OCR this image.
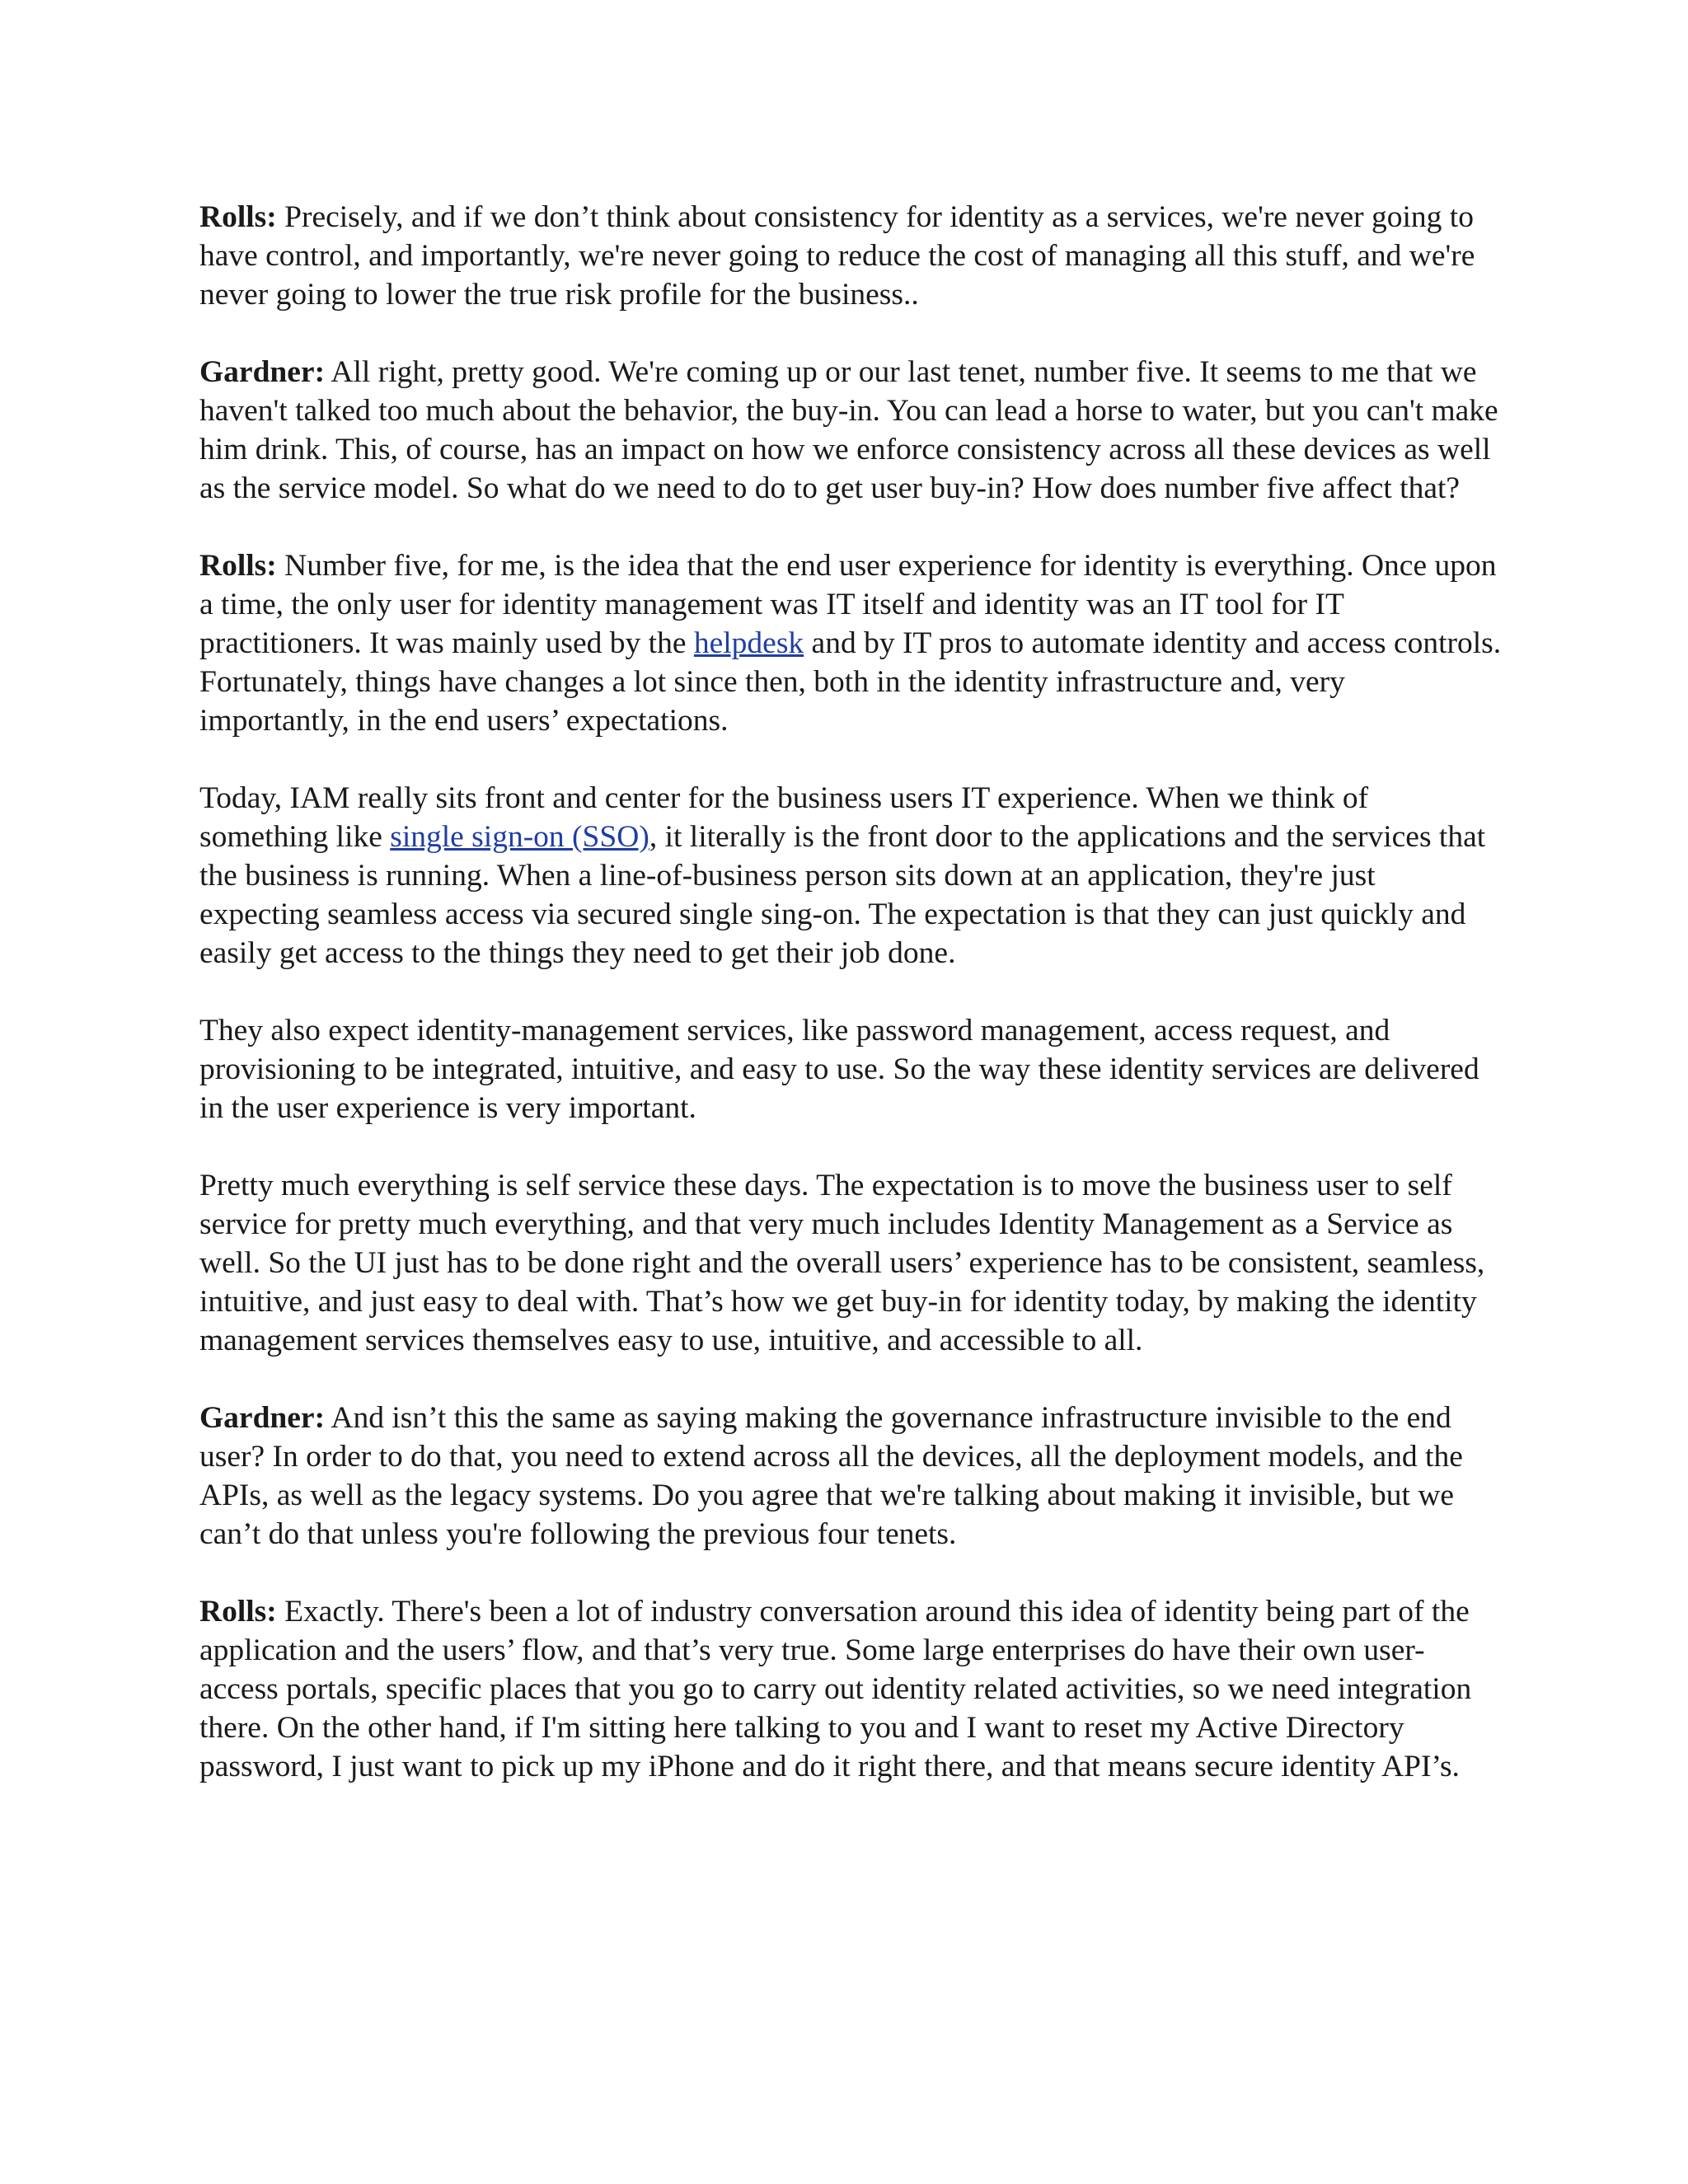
Rolls: Precisely, and if we don’t think about consistency for identity as a services, we're never going to have control, and importantly, we're never going to reduce the cost of managing all this stuff, and we're never going to lower the true risk profile for the business..

Gardner: All right, pretty good. We're coming up or our last tenet, number five. It seems to me that we haven't talked too much about the behavior, the buy-in. You can lead a horse to water, but you can't make him drink. This, of course, has an impact on how we enforce consistency across all these devices as well as the service model. So what do we need to do to get user buy-in? How does number five affect that?

Rolls: Number five, for me, is the idea that the end user experience for identity is everything. Once upon a time, the only user for identity management was IT itself and identity was an IT tool for IT practitioners. It was mainly used by the helpdesk and by IT pros to automate identity and access controls. Fortunately, things have changes a lot since then, both in the identity infrastructure and, very importantly, in the end users’ expectations.

Today, IAM really sits front and center for the business users IT experience. When we think of something like single sign-on (SSO), it literally is the front door to the applications and the services that the business is running. When a line-of-business person sits down at an application, they're just expecting seamless access via secured single sing-on. The expectation is that they can just quickly and easily get access to the things they need to get their job done.

They also expect identity-management services, like password management, access request, and provisioning to be integrated, intuitive, and easy to use. So the way these identity services are delivered in the user experience is very important.

Pretty much everything is self service these days. The expectation is to move the business user to self service for pretty much everything, and that very much includes Identity Management as a Service as well. So the UI just has to be done right and the overall users’ experience has to be consistent, seamless, intuitive, and just easy to deal with. That’s how we get buy-in for identity today, by making the identity management services themselves easy to use, intuitive, and accessible to all.

Gardner: And isn’t this the same as saying making the governance infrastructure invisible to the end user? In order to do that, you need to extend across all the devices, all the deployment models, and the APIs, as well as the legacy systems. Do you agree that we're talking about making it invisible, but we can’t do that unless you're following the previous four tenets.

Rolls: Exactly. There's been a lot of industry conversation around this idea of identity being part of the application and the users’ flow, and that’s very true. Some large enterprises do have their own user-access portals, specific places that you go to carry out identity related activities, so we need integration there. On the other hand, if I'm sitting here talking to you and I want to reset my Active Directory password, I just want to pick up my iPhone and do it right there, and that means secure identity API’s.
